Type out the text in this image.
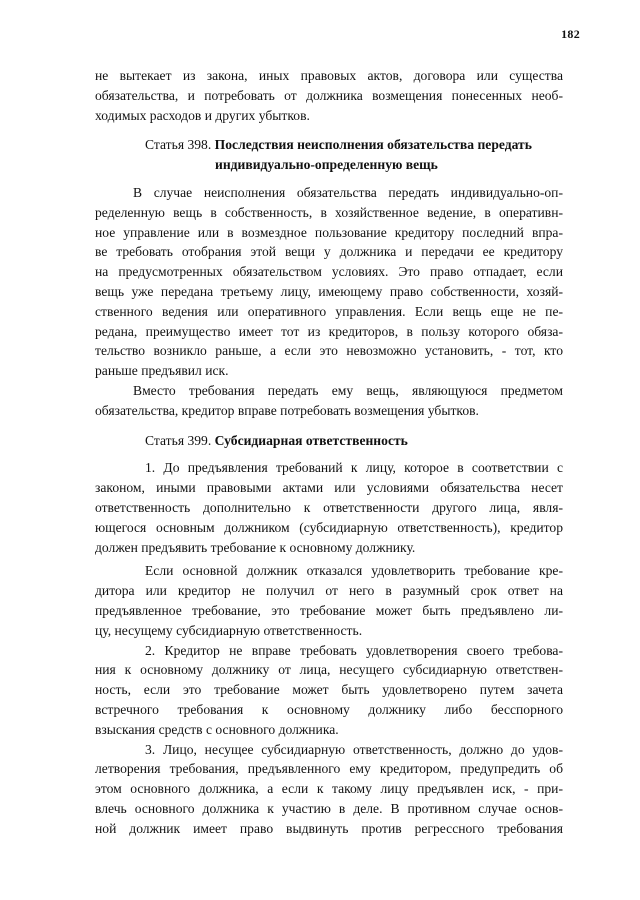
182
не вытекает из закона, иных правовых актов, договора или существа
обязательства, и потребовать от должника возмещения понесенных необ-
ходимых расходов и других убытков.
Статья 398. Последствия неисполнения обязательства передать
индивидуально-определенную вещь
В случае неисполнения обязательства передать индивидуально-оп-
ределенную вещь в собственность, в хозяйственное ведение, в оперативн-
ное управление или в возмездное пользование кредитору последний впра-
ве требовать отобрания этой вещи у должника и передачи ее кредитору
на предусмотренных обязательством условиях. Это право отпадает, если
вещь уже передана третьему лицу, имеющему право собственности, хозяй-
ственного ведения или оперативного управления. Если вещь еще не пе-
редана, преимущество имеет тот из кредиторов, в пользу которого обяза-
тельство возникло раньше, а если это невозможно установить, - тот, кто
раньше предъявил иск.
Вместо требования передать ему вещь, являющуюся предметом
обязательства, кредитор вправе потребовать возмещения убытков.
Статья 399. Субсидиарная ответственность
1. До предъявления требований к лицу, которое в соответствии с
законом, иными правовыми актами или условиями обязательства несет
ответственность дополнительно к ответственности другого лица, явля-
ющегося основным должником (субсидиарную ответственность), кредитор
должен предъявить требование к основному должнику.
Если основной должник отказался удовлетворить требование кре-
дитора или кредитор не получил от него в разумный срок ответ на
предъявленное требование, это требование может быть предъявлено ли-
цу, несущему субсидиарную ответственность.
2. Кредитор не вправе требовать удовлетворения своего требова-
ния к основному должнику от лица, несущего субсидиарную ответствен-
ность, если это требование может быть удовлетворено путем зачета
встречного требования к основному должнику либо бесспорного
взыскания средств с основного должника.
3. Лицо, несущее субсидиарную ответственность, должно до удов-
летворения требования, предъявленного ему кредитором, предупредить об
этом основного должника, а если к такому лицу предъявлен иск, - при-
влечь основного должника к участию в деле. В противном случае основ-
ной должник имеет право выдвинуть против регрессного требования
